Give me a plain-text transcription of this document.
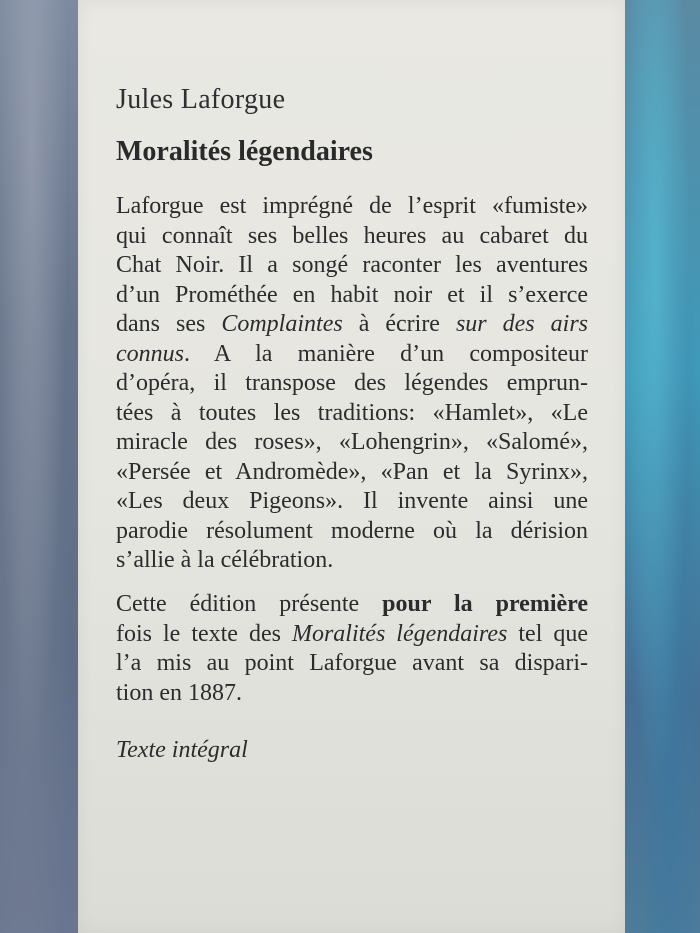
Jules Laforgue
Moralités légendaires

Laforgue est imprégné de l’esprit «fumiste»
qui connaît ses belles heures au cabaret du
Chat Noir. Il a songé raconter les aventures
d’un Prométhée en habit noir et il s’exerce
dans ses Complaintes à écrire sur des airs
connus. A la manière d’un compositeur
d’opéra, il transpose des légendes emprun-
tées à toutes les traditions: «Hamlet», «Le
miracle des roses», «Lohengrin», «Salomé»,
«Persée et Andromède», «Pan et la Syrinx»,
«Les deux Pigeons». Il invente ainsi une
parodie résolument moderne où la dérision
s’allie à la célébration.

Cette édition présente pour la première
fois le texte des Moralités légendaires tel que
l’a mis au point Laforgue avant sa dispari-
tion en 1887.

Texte intégral
